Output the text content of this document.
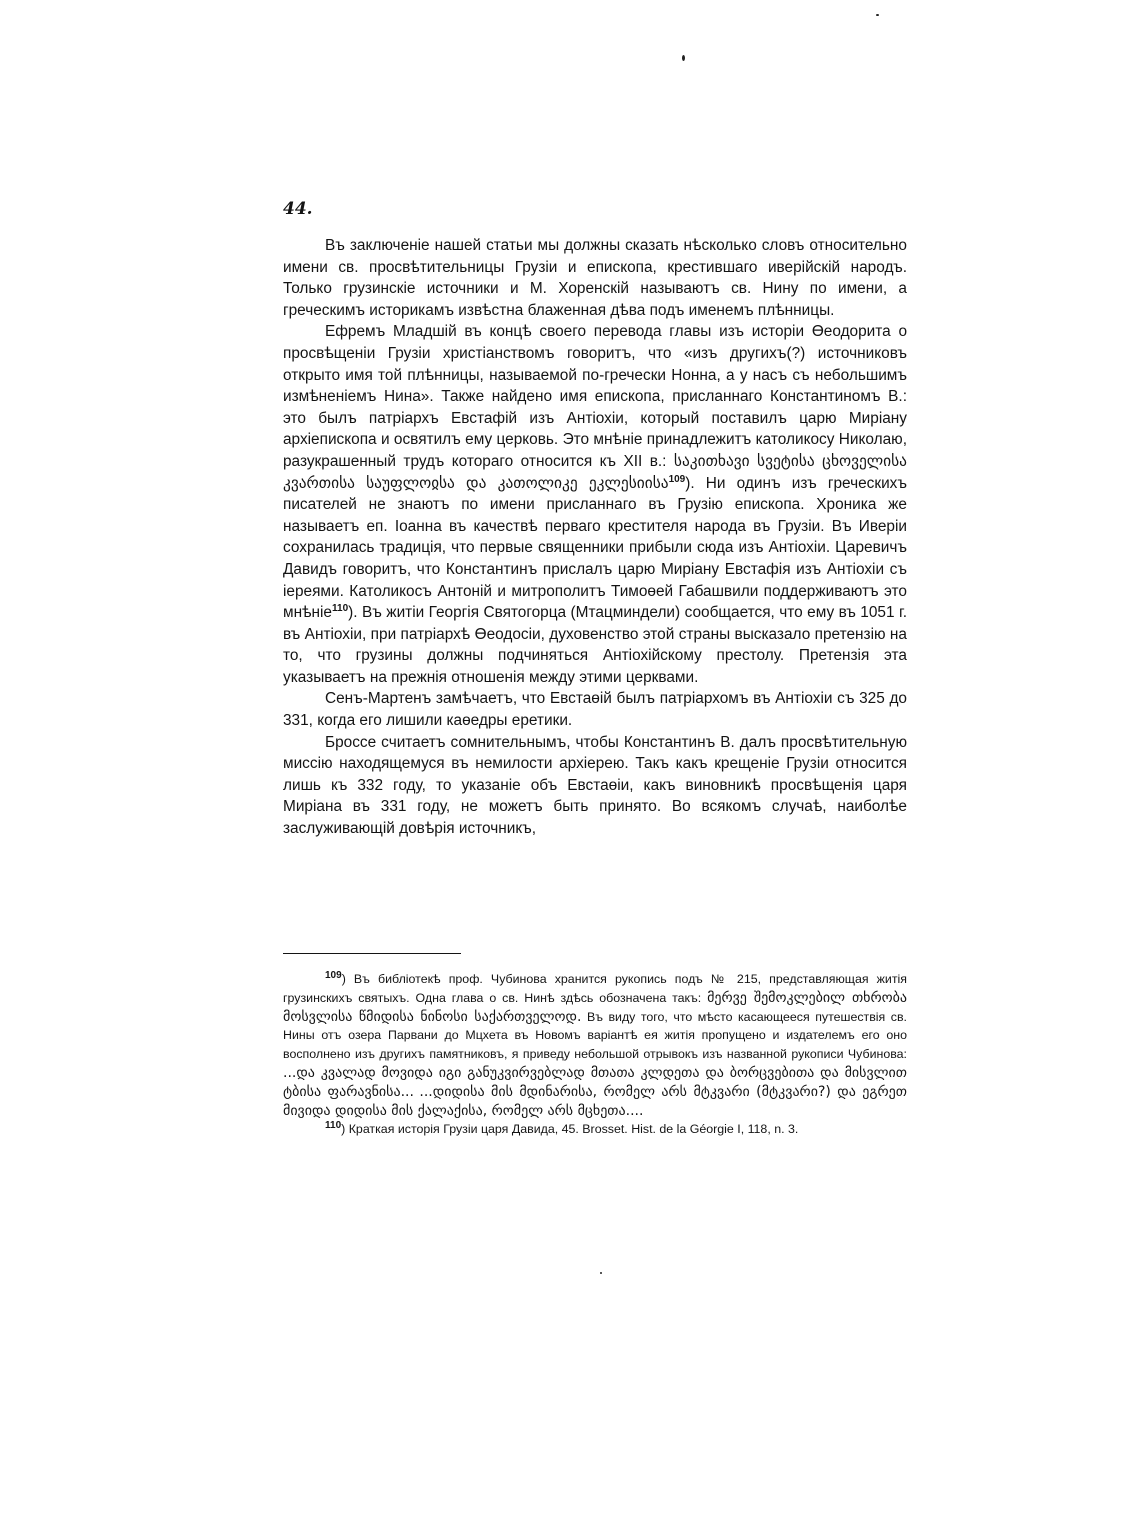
44.

Въ заключеніе нашей статьи мы должны сказать нѣсколько словъ относительно имени св. просвѣтительницы Грузіи и епископа, крестившаго иверійскій народъ. Только грузинскіе источники и М. Хоренскій называютъ св. Нину по имени, а греческимъ историкамъ извѣстна блаженная дѣва подъ именемъ плѣнницы.

Ефремъ Младшій въ концѣ своего перевода главы изъ исторіи Өеодорита о просвѣщеніи Грузіи христіанствомъ говоритъ, что «изъ другихъ(?) источниковъ открыто имя той плѣнницы, называемой по-гречески Нонна, а у насъ съ небольшимъ измѣненіемъ Нина». Также найдено имя епископа, присланнаго Константиномъ В.: это былъ патріархъ Евстафій изъ Антіохіи, который поставилъ царю Миріану архіепископа и освятилъ ему церковь. Это мнѣніе принадлежитъ католикосу Николаю, разукрашенный трудъ котораго относится къ XII в.: საკითხავი სვეტისა ცხოველისა კვართისა საუფლოჲსა და კათოლიკე ეკლესიისა$^{109}$). Ни одинъ изъ греческихъ писателей не знаютъ по имени присланнаго въ Грузію епископа. Хроника же называетъ еп. Іоанна въ качествѣ перваго крестителя народа въ Грузіи. Въ Иверіи сохранилась традиція, что первые священники прибыли сюда изъ Антіохіи. Царевичъ Давидъ говоритъ, что Константинъ прислалъ царю Миріану Евстафія изъ Антіохіи съ іереями. Католикосъ Антоній и митрополитъ Тимоөей Габашвили поддерживаютъ это мнѣніе$^{110}$). Въ житіи Георгія Святогорца (Мтацминдели) сообщается, что ему въ 1051 г. въ Антіохіи, при патріархѣ Өеодосіи, духовенство этой страны высказало претензію на то, что грузины должны подчиняться Антіохійскому престолу. Претензія эта указываетъ на прежнія отношенія между этими церквами.

Сенъ-Мартенъ замѣчаетъ, что Евстаөій былъ патріархомъ въ Антіохіи съ 325 до 331, когда его лишили каөедры еретики.

Броссе считаетъ сомнительнымъ, чтобы Константинъ В. далъ просвѣтительную миссію находящемуся въ немилости архіерею. Такъ какъ крещеніе Грузіи относится лишь къ 332 году, то указаніе объ Евстаөіи, какъ виновникѣ просвѣщенія царя Миріана въ 331 году, не можетъ быть принято. Во всякомъ случаѣ, наиболѣе заслуживающій довѣрія источникъ,

$^{109}$) Въ библіотекѣ проф. Чубинова хранится рукопись подъ № 215, представляющая житія грузинскихъ святыхъ. Одна глава о св. Нинѣ здѣсь обозначена такъ: მერვე შემოკლებილ თხრობა მოსვლისა წმიდისა ნინოსი საქართველოდ. Въ виду того, что мѣсто касающееся путешествія св. Нины отъ озера Парвани до Мцхета въ Новомъ варіантѣ ея житія пропущено и издателемъ его оно восполнено изъ другихъ памятниковъ, я приведу небольшой отрывокъ изъ названной рукописи Чубинова: ...და კვალად მოვიდა იგი განუკვირვებლად მთათა კლდეთა და ბორცვებითა და მისვლით ტბისა ფარავნისა... ...დიდისა მის მდინარისა, რომელ არს მტკვარი (მტკვარი?) და ეგრეთ მივიდა დიდისა მის ქალაქისა, რომელ არს მცხეთა....

$^{110}$) Краткая исторія Грузіи царя Давида, 45. Brosset. Hist. de la Géorgie I, 118, n. 3.
